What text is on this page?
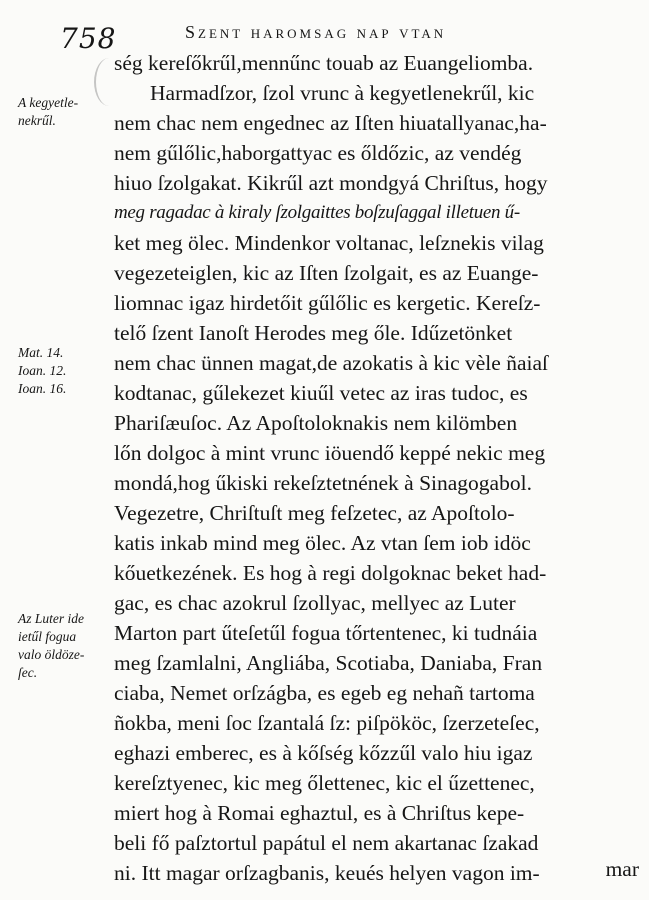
758	Szent haromsag nap vtan
ség kereſőkrűl,mennűnc touab az Euangeliomba.
Harmadſzor, ſzol vrunc à kegyetlenekrűl, kic
nem chac nem engednec az Iſten hiuatallyanac,ha-
nem gűlőlic,haborgattyac es őldőzic, az vendég
hiuo ſzolgakat. Kikrűl azt mondgyá Chriſtus, hogy
meg ragadac à kiraly ſzolgaittes boſzuſaggal illetuen ű-
ket meg ölec. Mindenkor voltanac, leſznekis vilag
vegezeteiglen, kic az Iſten ſzolgait, es az Euange-
liomnac igaz hirdetőit gűlőlic es kergetic. Kereſz-
telő ſzent Ianoſt Herodes meg őle. Idűzetönket
nem chac ünnen magat,de azokatis à kic vèle ñaiaſ
kodtanac, gűlekezet kiuűl vetec az iras tudoc, es
Phariſæuſoc. Az Apoſtoloknakis nem kilömben
lőn dolgoc à mint vrunc iöuendő keppé nekic meg
mondá,hog űkiski rekeſztetnének à Sinagogabol.
Vegezetre, Chriſtuſt meg feſzetec, az Apoſtolo-
katis inkab mind meg ölec. Az vtan ſem iob idöc
kőuetkezének. Es hog à regi dolgoknac beket had-
gac, es chac azokrul ſzollyac, mellyec az Luter
Marton part űteſetűl fogua tőrtentenec, ki tudnáia
meg ſzamlalni, Angliába, Scotiaba, Daniaba, Fran
ciaba, Nemet orſzágba, es egeb eg nehañ tartoma
ñokba, meni ſoc ſzantalá ſz: piſpököc, ſzerzeteſec,
eghazi emberec, es à kőſség kőzzűl valo hiu igaz
kereſztyenec, kic meg őlettenec, kic el űzettenec,
miert hog à Romai eghaztul, es à Chriſtus kepe-
beli fő paſztortul papátul el nem akartanac ſzakad
ni. Itt magar orſzagbanis, keués helyen vagon im-	mar
A kegyetle-
nekrűl.
Mat. 14.
Ioan. 12.
Ioan. 16.
Az Luter ide
ietűl fogua
valo öldöze-
ſec.
